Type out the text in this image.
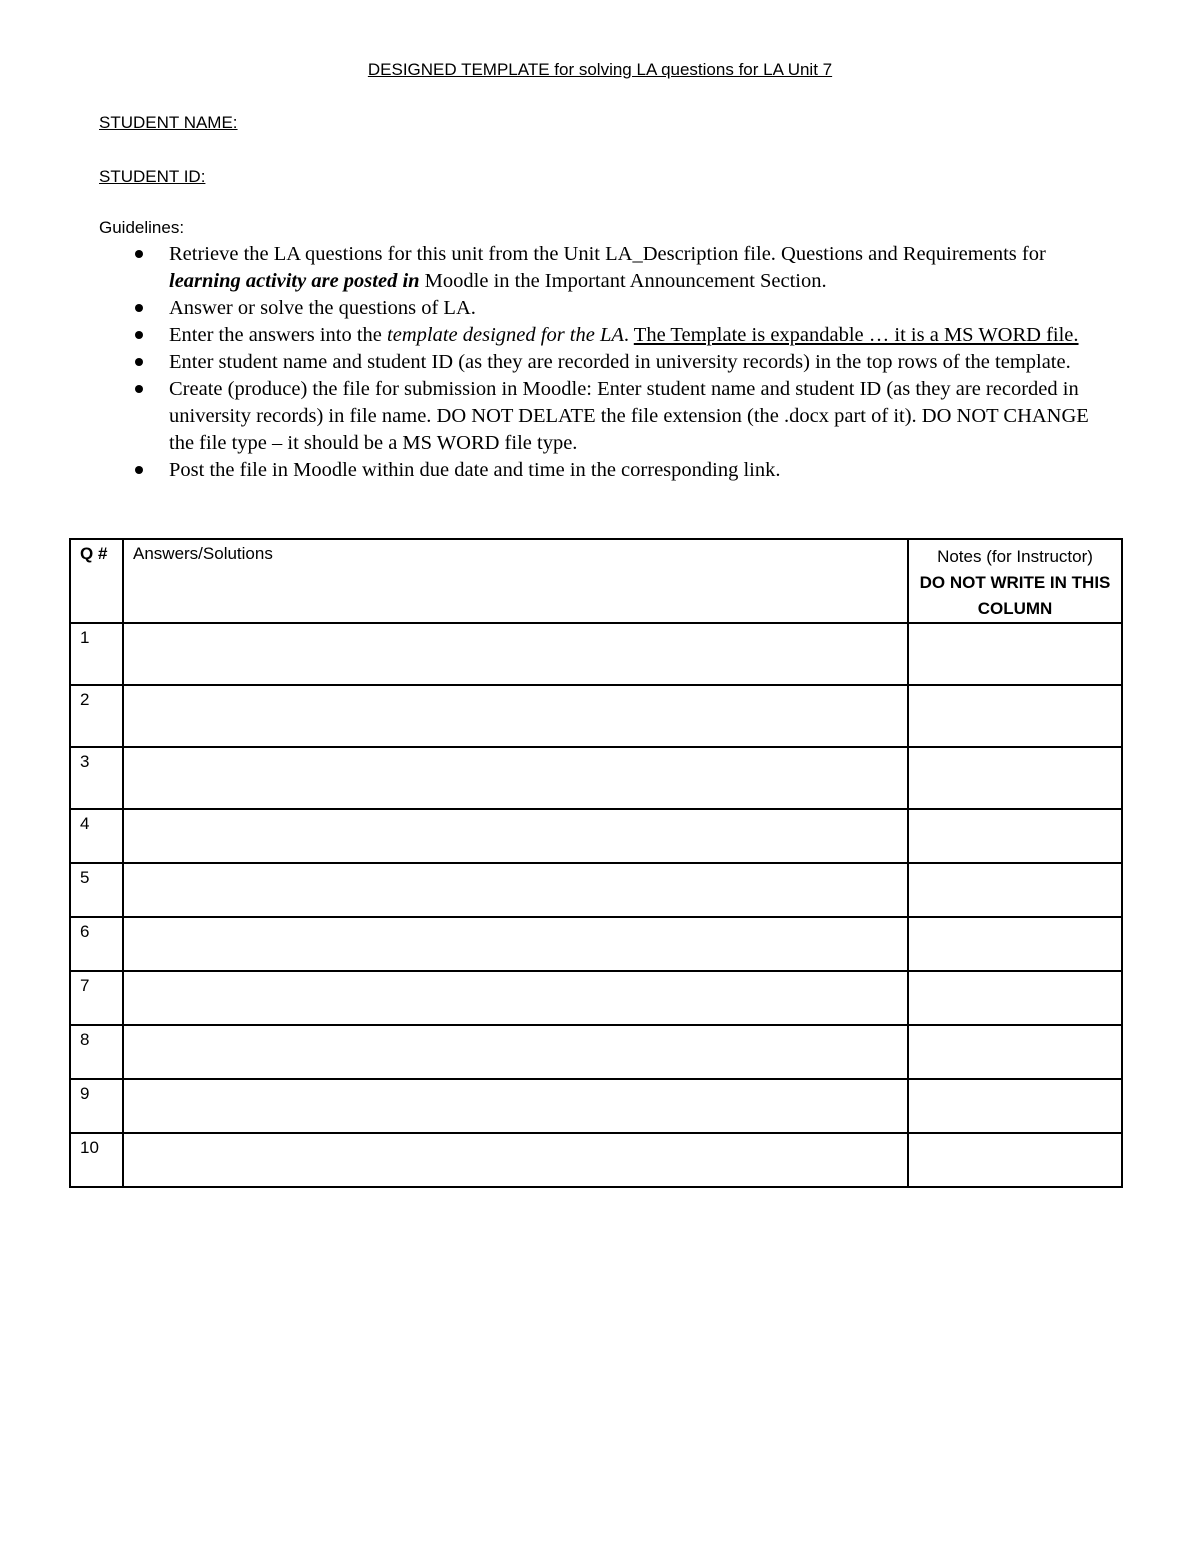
DESIGNED TEMPLATE for solving LA questions for LA Unit 7
STUDENT NAME:
STUDENT ID:
Guidelines:
Retrieve the LA questions for this unit from the Unit LA_Description file. Questions and Requirements for learning activity are posted in Moodle in the Important Announcement Section.
Answer or solve the questions of LA.
Enter the answers into the template designed for the LA. The Template is expandable … it is a MS WORD file.
Enter student name and student ID (as they are recorded in university records) in the top rows of the template.
Create (produce) the file for submission in Moodle: Enter student name and student ID (as they are recorded in university records) in file name. DO NOT DELATE the file extension (the .docx part of it). DO NOT CHANGE the file type – it should be a MS WORD file type.
Post the file in Moodle within due date and time in the corresponding link.
Q #	Answers/Solutions	Notes (for Instructor)
DO NOT WRITE IN THIS COLUMN

1		
2		
3		
4		
5		
6		
7		
8		
9		
10		
